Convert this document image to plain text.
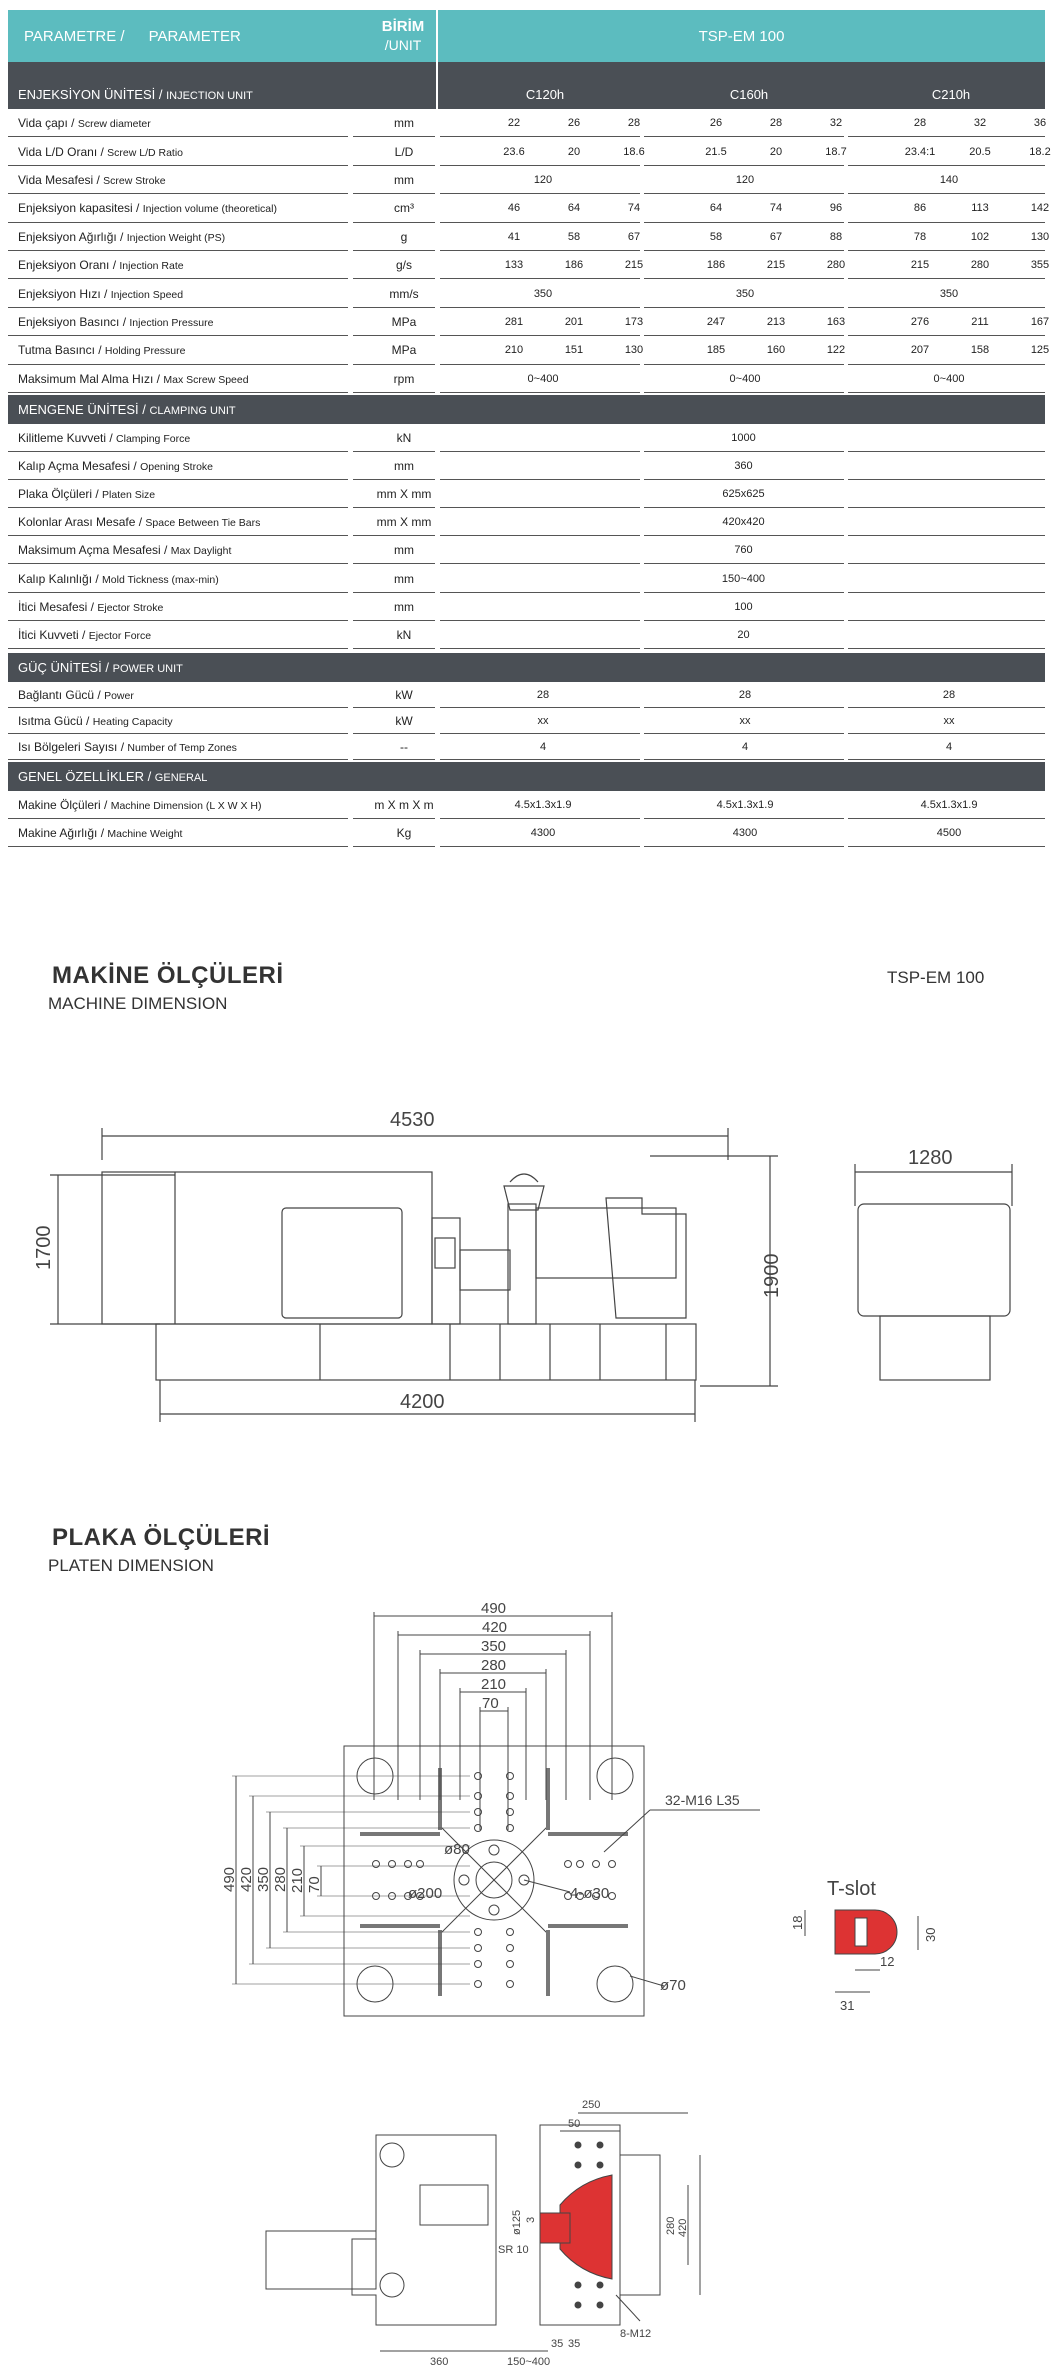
PARAMETRE / PARAMETER
BİRİM
/UNIT	TSP-EM 100
ENJEKSİYON ÜNİTESİ / INJECTION UNIT	C120h	C160h	C210h
Vida çapı / Screw diameter	mm	22	26	28	26	28	32	28	32	36
Vida L/D Oranı / Screw L/D Ratio	L/D	23.6	20	18.6	21.5	20	18.7	23.4:1	20.5	18.2
Vida Mesafesi / Screw Stroke	mm	120	120	140
Enjeksiyon kapasitesi / Injection volume (theoretical)	cm³	46	64	74	64	74	96	86	113	142
Enjeksiyon Ağırlığı / Injection Weight (PS)	g	41	58	67	58	67	88	78	102	130
Enjeksiyon Oranı / Injection Rate	g/s	133	186	215	186	215	280	215	280	355
Enjeksiyon Hızı / Injection Speed	mm/s	350	350	350
Enjeksiyon Basıncı / Injection Pressure	MPa	281	201	173	247	213	163	276	211	167
Tutma Basıncı / Holding Pressure	MPa	210	151	130	185	160	122	207	158	125
Maksimum Mal Alma Hızı / Max Screw Speed	rpm	0~400	0~400	0~400
MENGENE ÜNİTESİ / CLAMPING UNIT
Kilitleme Kuvveti / Clamping Force	kN	1000
Kalıp Açma Mesafesi / Opening Stroke	mm	360
Plaka Ölçüleri / Platen Size	mm X mm	625x625
Kolonlar Arası Mesafe / Space Between Tie Bars	mm X mm	420x420
Maksimum Açma Mesafesi / Max Daylight	mm	760
Kalıp Kalınlığı / Mold Tickness (max-min)	mm	150~400
İtici Mesafesi / Ejector Stroke	mm	100
İtici Kuvveti / Ejector Force	kN	20
GÜÇ ÜNİTESİ / POWER UNIT
Bağlantı Gücü / Power	kW	28	28	28
Isıtma Gücü / Heating Capacity	kW	xx	xx	xx
Isı Bölgeleri Sayısı / Number of Temp Zones	--	4	4	4
GENEL ÖZELLİKLER / GENERAL
Makine Ölçüleri / Machine Dimension (L X W X H)	m X m X m	4.5x1.3x1.9	4.5x1.3x1.9	4.5x1.3x1.9
Makine Ağırlığı / Machine Weight	Kg	4300	4300	4500
MAKİNE ÖLÇÜLERİ
MACHINE DIMENSION
TSP-EM 100
4530
1700
1900
4200
1280
PLAKA ÖLÇÜLERİ
PLATEN DIMENSION
490
420
350
280
210
70
490 420 350 280 210 70
32-M16 L35
ø80
ø200	4-ø30
ø70
T-slot
18
30
12
31
250
50
280 420
ø125 3
SR 10
8-M12
360	150~400
35 35
